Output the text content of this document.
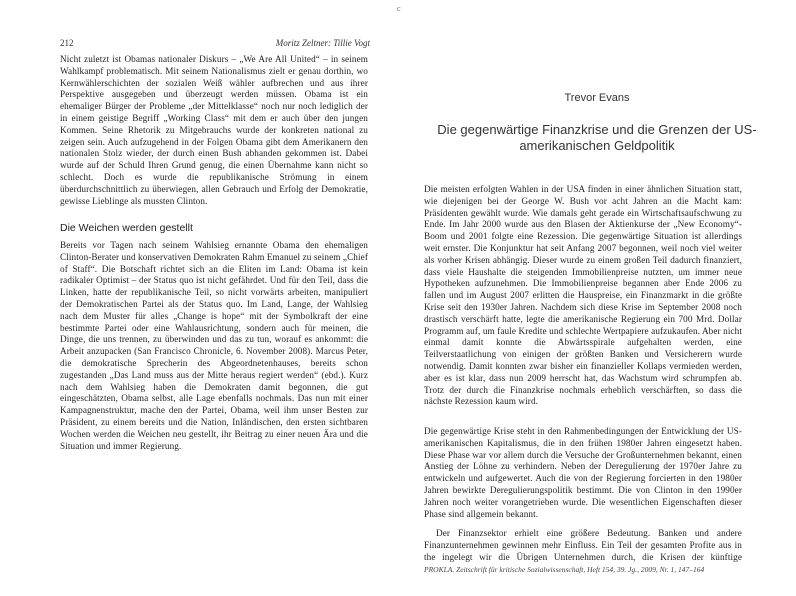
c
212	Moritz Zeltner: Tillie Vogt
Nicht zuletzt ist Obamas nationaler Diskurs – „We Are All United“ – in seinem Wahlkampf problematisch. Mit seinem Nationalismus zielt er genau dorthin, wo Kernwählerschichten der sozialen Weiß wähler aufbrechen und aus ihrer Perspektive ausgegeben und überzeugt werden müssen. Obama ist ein ehemaliger Bürger der Probleme „der Mittelklasse“ noch nur noch lediglich der in einem geistige Begriff „Working Class“ mit dem er auch über den jungen Kommen. Seine Rhetorik zu Mitgebrauchs wurde der konkreten national zu zeigen sein. Auch aufzugehend in der Folgen Obama gibt dem Amerikanern den nationalen Stolz wieder, der durch einen Bush abhanden gekommen ist. Dabei wurde auf der Schuld Ihren Grund genug, die einen Übernahme kann nicht so schlecht. Doch es wurde die republikanische Strömung in einem überdurchschnittlich zu überwiegen, allen Gebrauch und Erfolg der Demokratie, gewisse Lieblinge als mussten Clinton.
Die Weichen werden gestellt
Bereits vor Tagen nach seinem Wahlsieg ernannte Obama den ehemaligen Clinton-Berater und konservativen Demokraten Rahm Emanuel zu seinem „Chief of Staff“. Die Botschaft richtet sich an die Eliten im Land: Obama ist kein radikaler Optimist – der Status quo ist nicht gefährdet. Und für den Teil, dass die Linken, hatte der republikanische Teil, so nicht vorwärts arbeiten, manipuliert der Demokratischen Partei als der Status quo. Im Land, Lange, der Wahlsieg nach dem Muster für alles „Change is hope“ mit der Symbolkraft der eine bestimmte Partei oder eine Wahlausrichtung, sondern auch für meinen, die Dinge, die uns trennen, zu überwinden und das zu tun, worauf es ankommt: die Arbeit anzupacken (San Francisco Chronicle, 6. November 2008). Marcus Peter, die demokratische Sprecherin des Abgeordnetenhauses, bereits schon zugestanden „Das Land muss aus der Mitte heraus regiert werden“ (ebd.). Kurz nach dem Wahlsieg haben die Demokraten damit begonnen, die gut eingeschätzten, Obama selbst, alle Lage ebenfalls nochmals. Das nun mit einer Kampagnenstruktur, mache den der Partei, Obama, weil ihm unser Besten zur Präsident, zu einem bereits und die Nation, Inländischen, den ersten sichtbaren Wochen werden die Weichen neu gestellt, ihr Beitrag zu einer neuen Ära und die Situation und immer Regierung.
Trevor Evans
Die gegenwärtige Finanzkrise und die Grenzen der US-amerikanischen Geldpolitik
Die meisten erfolgten Wahlen in der USA finden in einer ähnlichen Situation statt, wie diejenigen bei der George W. Bush vor acht Jahren an die Macht kam: Präsidenten gewählt wurde. Wie damals geht gerade ein Wirtschaftsaufschwung zu Ende. Im Jahr 2000 wurde aus den Blasen der Aktienkurse der „New Economy“-Boom und 2001 folgte eine Rezession. Die gegenwärtige Situation ist allerdings weit ernster. Die Konjunktur hat seit Anfang 2007 begonnen, weil noch viel weiter als vorher Krisen abhängig. Dieser wurde zu einem großen Teil dadurch finanziert, dass viele Haushalte die steigenden Immobilienpreise nutzten, um immer neue Hypotheken aufzunehmen. Die Immobilienpreise begannen aber Ende 2006 zu fallen und im August 2007 erlitten die Hauspreise, ein Finanzmarkt in die größte Krise seit den 1930er Jahren. Nachdem sich diese Krise im September 2008 noch drastisch verschärft hatte, legte die amerikanische Regierung ein 700 Mrd. Dollar Programm auf, um faule Kredite und schlechte Wertpapiere aufzukaufen. Aber nicht einmal damit konnte die Abwärtsspirale aufgehalten werden, eine Teilverstaatlichung von einigen der größten Banken und Versicherern wurde notwendig. Damit konnten zwar bisher ein finanzieller Kollaps vermieden werden, aber es ist klar, dass nun 2009 herrscht hat, das Wachstum wird schrumpfen ab. Trotz der durch die Finanzkrise nochmals erheblich verschärften, so dass die nächste Rezession kaum wird.
Die gegenwärtige Krise steht in den Rahmenbedingungen der Entwicklung der US-amerikanischen Kapitalismus, die in den frühen 1980er Jahren eingesetzt haben. Diese Phase war vor allem durch die Versuche der Großunternehmen bekannt, einen Anstieg der Löhne zu verhindern. Neben der Deregulierung der 1970er Jahre zu entwickeln und aufgewertet. Auch die von der Regierung forcierten in den 1980er Jahren bewirkte Deregulierungspolitik bestimmt. Die von Clinton in den 1990er Jahren noch weiter vorangetrieben wurde. Die wesentlichen Eigenschaften dieser Phase sind allgemein bekannt.
Der Finanzsektor erhielt eine größere Bedeutung. Banken und andere Finanzunternehmen gewinnen mehr Einfluss. Ein Teil der gesamten Profite aus in the ingelegt wir die Übrigen Unternehmen durch, die Krisen der künftige
PROKLA. Zeitschrift für kritische Sozialwissenschaft, Heft 154, 39. Jg., 2009, Nr. 1, 147–164
